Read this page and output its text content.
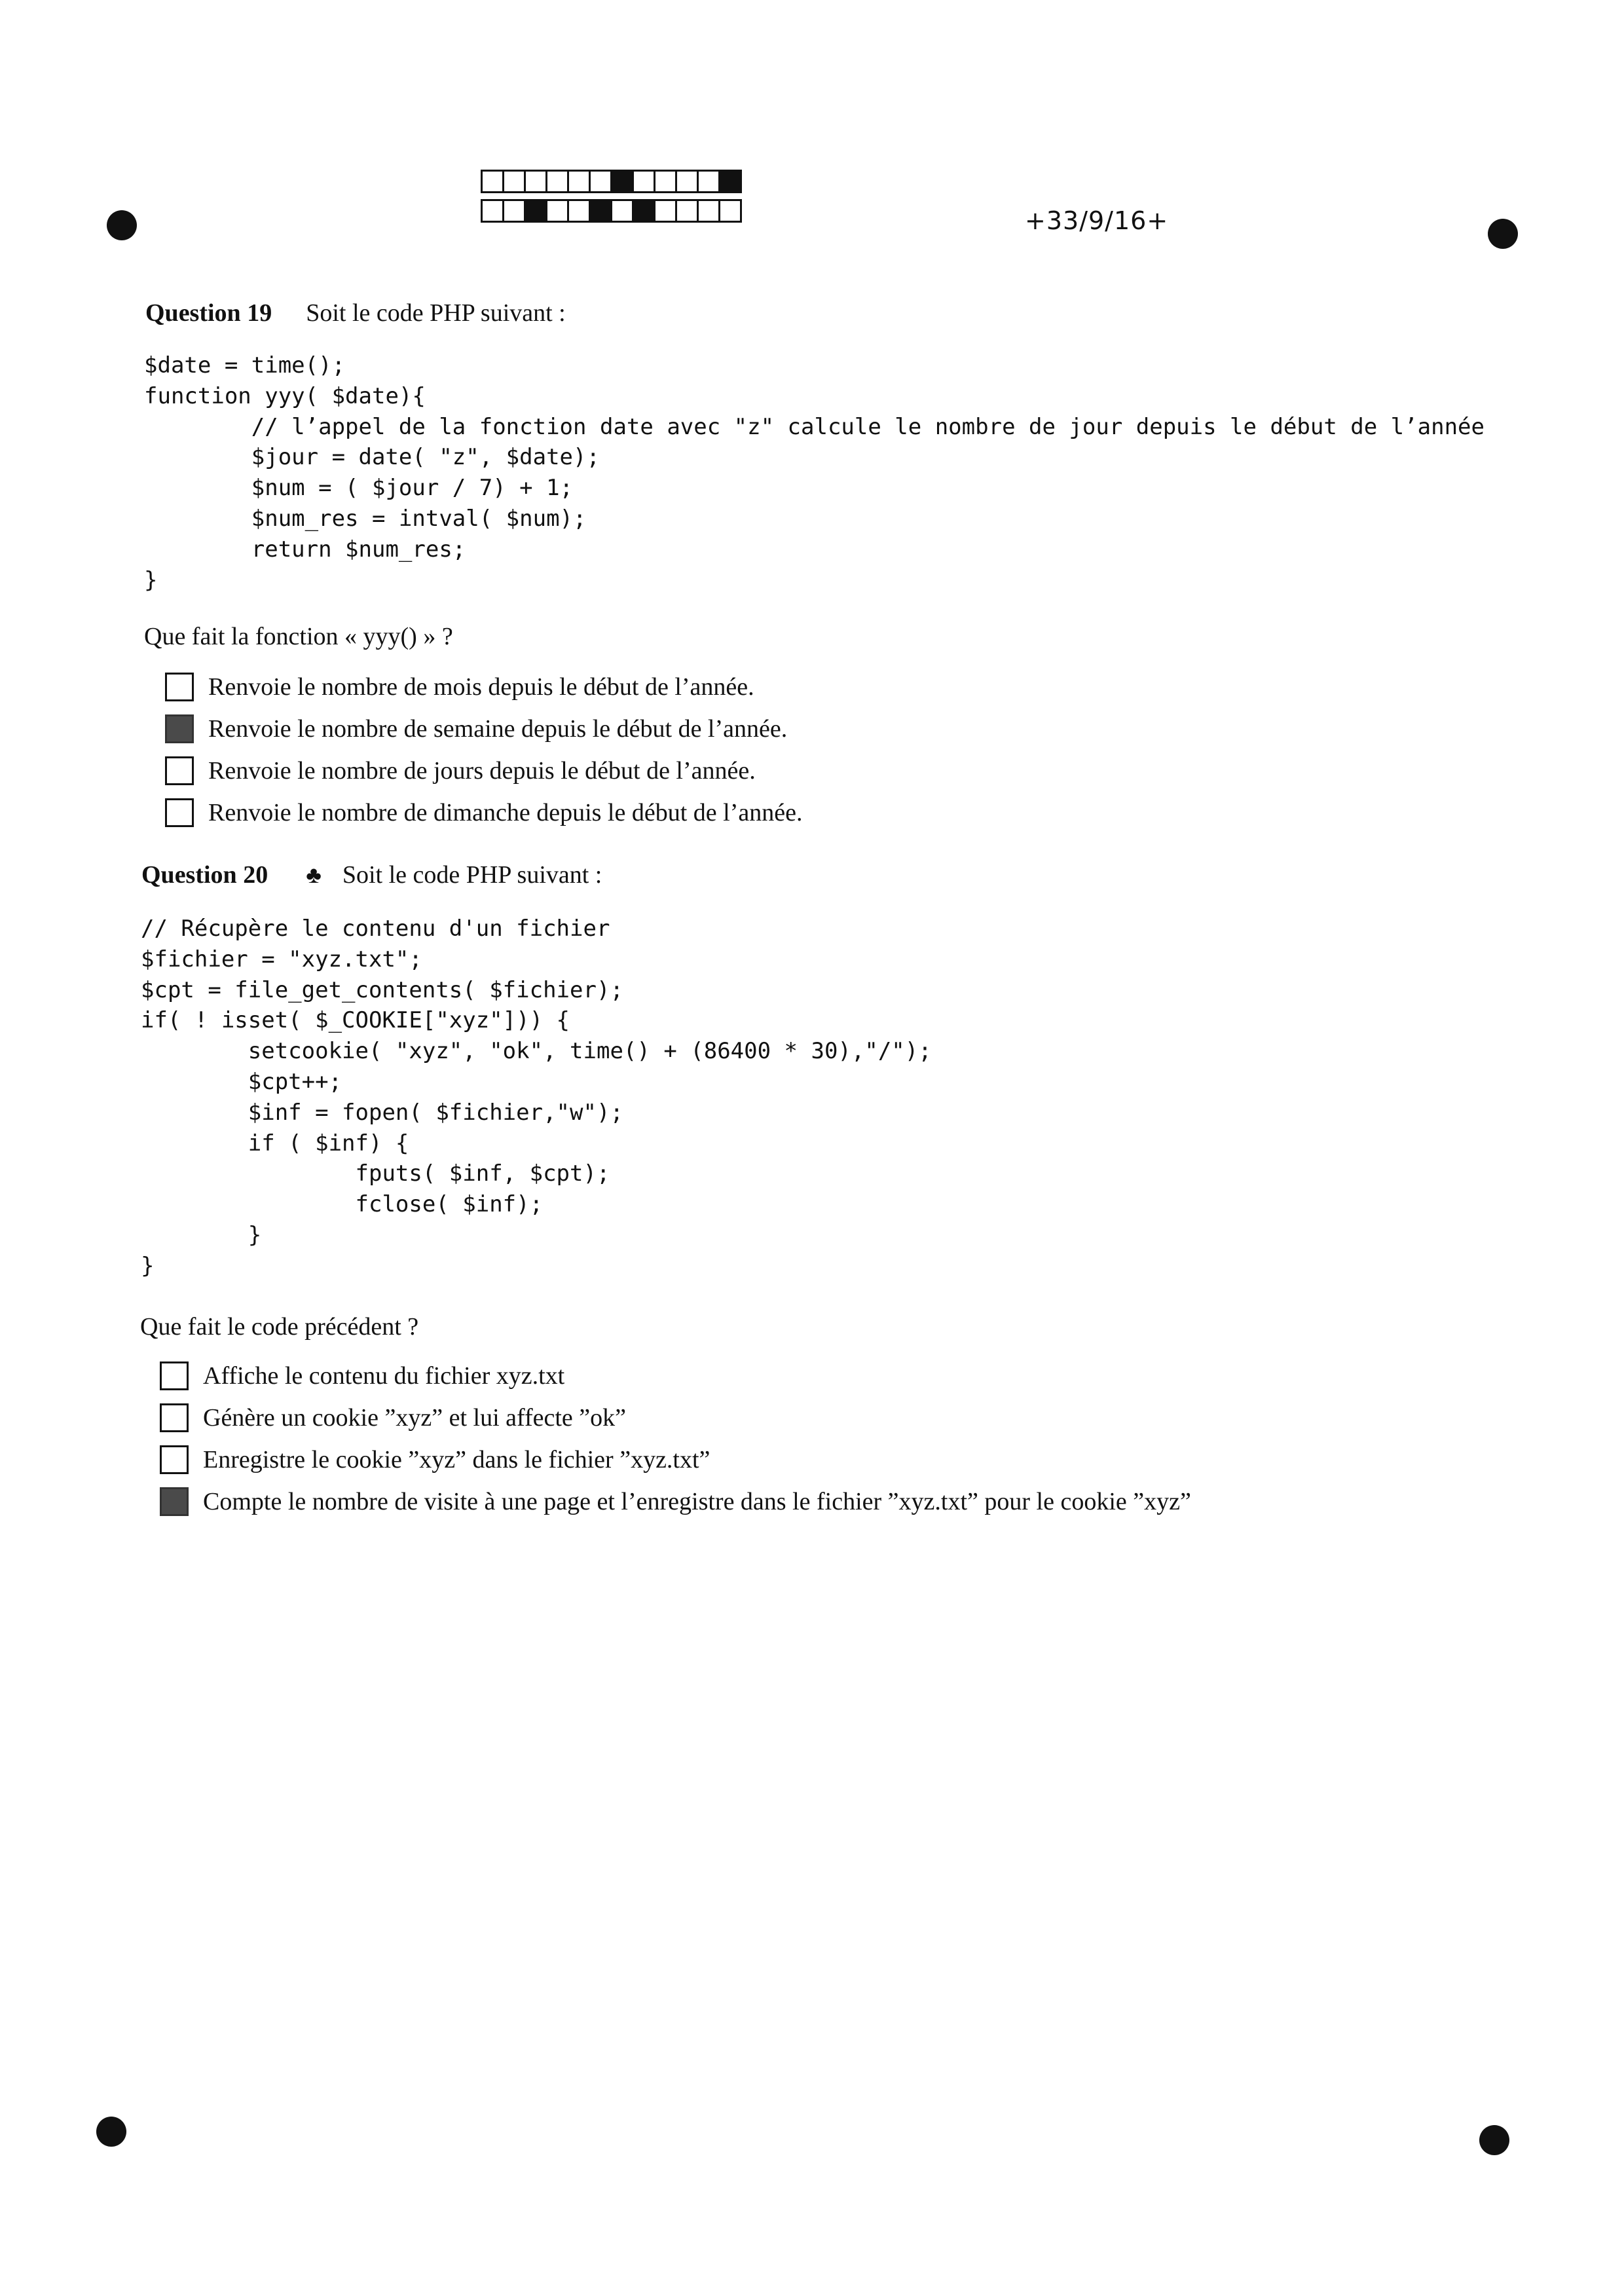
+33/9/16+
Question 19 Soit le code PHP suivant :
$date = time();
function yyy( $date){
// l’appel de la fonction date avec "z" calcule le nombre de jour depuis le début de l’année
$jour = date( "z", $date);
$num = ( $jour / 7) + 1;
$num_res = intval( $num);
return $num_res;
}
Que fait la fonction « yyy() » ?
Renvoie le nombre de mois depuis le début de l’année.
Renvoie le nombre de semaine depuis le début de l’année.
Renvoie le nombre de jours depuis le début de l’année.
Renvoie le nombre de dimanche depuis le début de l’année.
Question 20 ♣ Soit le code PHP suivant :
// Récupère le contenu d'un fichier
$fichier = "xyz.txt";
$cpt = file_get_contents( $fichier);
if( ! isset( $_COOKIE["xyz"])) {
setcookie( "xyz", "ok", time() + (86400 * 30),"/");
$cpt++;
$inf = fopen( $fichier,"w");
if ( $inf) {
fputs( $inf, $cpt);
fclose( $inf);
}
}
Que fait le code précédent ?
Affiche le contenu du fichier xyz.txt
Génère un cookie ”xyz” et lui affecte ”ok”
Enregistre le cookie ”xyz” dans le fichier ”xyz.txt”
Compte le nombre de visite à une page et l’enregistre dans le fichier ”xyz.txt” pour le cookie ”xyz”
